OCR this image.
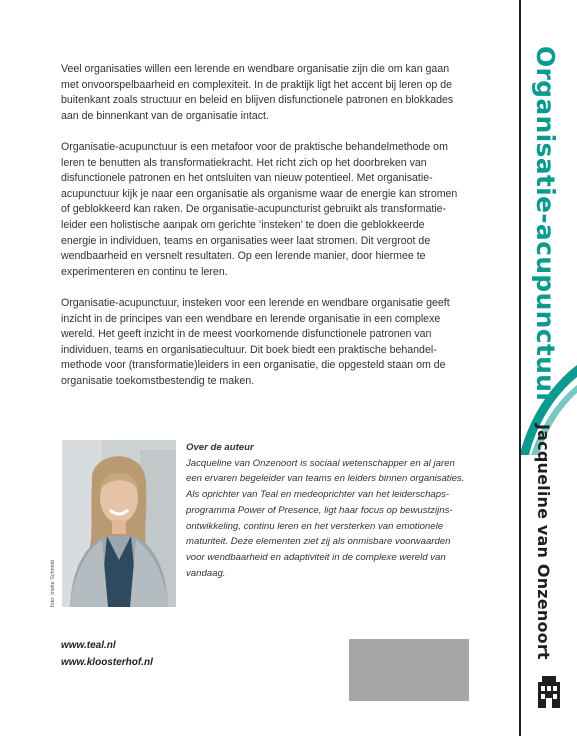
Veel organisaties willen een lerende en wendbare organisatie zijn die om kan gaan met onvoorspelbaarheid en complexiteit. In de praktijk ligt het accent bij leren op de buitenkant zoals structuur en beleid en blijven disfunctionele patronen en blokkades aan de binnenkant van de organisatie intact.

Organisatie-acupunctuur is een metafoor voor de praktische behandelmethode om leren te benutten als transformatiekracht. Het richt zich op het doorbreken van disfunctionele patronen en het ontsluiten van nieuw potentieel. Met organisatie-acupunctuur kijk je naar een organisatie als organisme waar de energie kan stromen of geblokkeerd kan raken. De organisatie-acupuncturist gebruikt als transformatie-leider een holistische aanpak om gerichte ‘insteken’ te doen die geblokkeerde energie in individuen, teams en organisaties weer laat stromen. Dit vergroot de wendbaarheid en versnelt resultaten. Op een lerende manier, door hiermee te experimenteren en continu te leren.

Organisatie-acupunctuur, insteken voor een lerende en wendbare organisatie geeft inzicht in de principes van een wendbare en lerende organisatie in een complexe wereld. Het geeft inzicht in de meest voorkomende disfunctionele patronen van individuen, teams en organisatiecultuur. Dit boek biedt een praktische behandel-methode voor (transformatie)leiders in een organisatie, die opgesteld staan om de organisatie toekomstbestendig te maken.

foto: Ineke Schmidt
Over de auteur
Jacqueline van Onzenoort is sociaal wetenschapper en al jaren een ervaren begeleider van teams en leiders binnen organisaties.
Als oprichter van Teal en medeoprichter van het leiderschaps-programma Power of Presence, ligt haar focus op bewustzijns-ontwikkeling, continu leren en het versterken van emotionele maturiteit. Deze elementen ziet zij als onmisbare voorwaarden voor wendbaarheid en adaptiviteit in de complexe wereld van vandaag.
www.teal.nl
www.kloosterhof.nl
Organisatie-acupunctuur
Jacqueline van Onzenoort
